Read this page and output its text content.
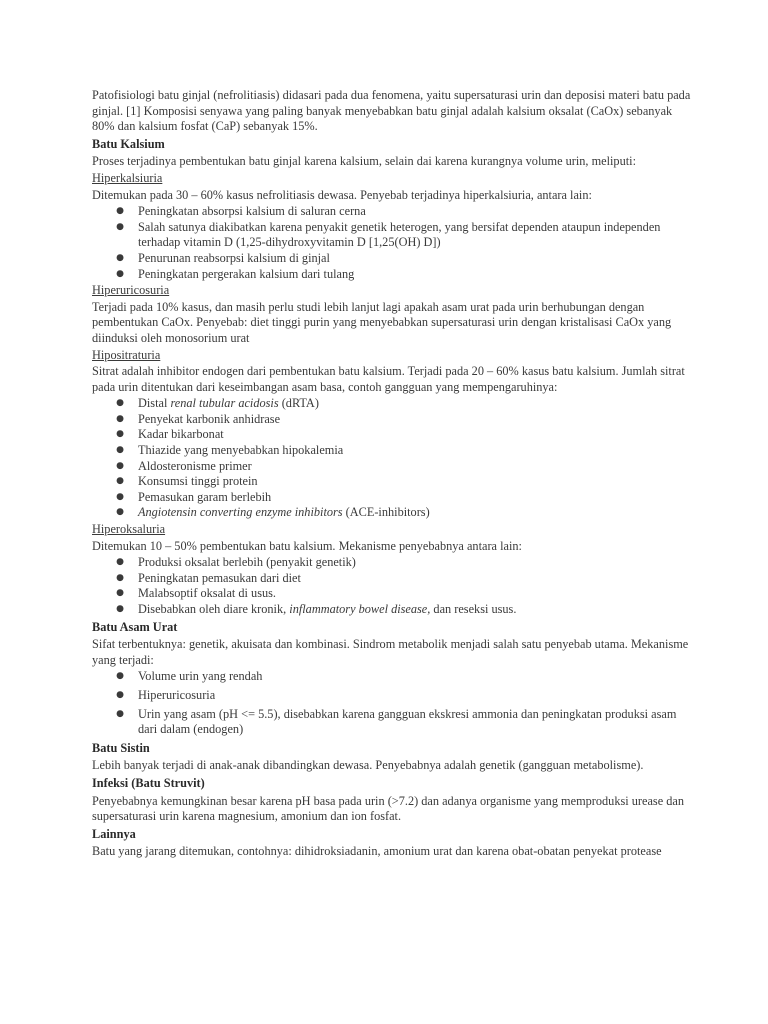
Patofisiologi batu ginjal (nefrolitiasis) didasari pada dua fenomena, yaitu supersaturasi urin dan deposisi materi batu pada ginjal. [1] Komposisi senyawa yang paling banyak menyebabkan batu ginjal adalah kalsium oksalat (CaOx) sebanyak 80% dan kalsium fosfat (CaP) sebanyak 15%.

Batu Kalsium

Proses terjadinya pembentukan batu ginjal karena kalsium, selain dai karena kurangnya volume urin, meliputi:

Hiperkalsiuria

Ditemukan pada 30 – 60% kasus nefrolitiasis dewasa. Penyebab terjadinya hiperkalsiuria, antara lain:

●
Peningkatan absorpsi kalsium di saluran cerna
●
Salah satunya diakibatkan karena penyakit genetik heterogen, yang bersifat dependen ataupun independen terhadap vitamin D (1,25-dihydroxyvitamin D [1,25(OH) D])
●
Penurunan reabsorpsi kalsium di ginjal
●
Peningkatan pergerakan kalsium dari tulang

Hiperuricosuria

Terjadi pada 10% kasus, dan masih perlu studi lebih lanjut lagi apakah asam urat pada urin berhubungan dengan pembentukan CaOx. Penyebab: diet tinggi purin yang menyebabkan supersaturasi urin dengan kristalisasi CaOx yang diinduksi oleh monosorium urat

Hipositraturia

Sitrat adalah inhibitor endogen dari pembentukan batu kalsium. Terjadi pada 20 – 60% kasus batu kalsium. Jumlah sitrat pada urin ditentukan dari keseimbangan asam basa, contoh gangguan yang mempengaruhinya:

●
Distal renal tubular acidosis (dRTA)
●
Penyekat karbonik anhidrase
●
Kadar bikarbonat
●
Thiazide yang menyebabkan hipokalemia
●
Aldosteronisme primer
●
Konsumsi tinggi protein
●
Pemasukan garam berlebih
●
Angiotensin converting enzyme inhibitors (ACE-inhibitors)

Hiperoksaluria

Ditemukan 10 – 50% pembentukan batu kalsium. Mekanisme penyebabnya antara lain:

●
Produksi oksalat berlebih (penyakit genetik)
●
Peningkatan pemasukan dari diet
●
Malabsoptif oksalat di usus.
●
Disebabkan oleh diare kronik, inflammatory bowel disease, dan reseksi usus.

Batu Asam Urat

Sifat terbentuknya: genetik, akuisata dan kombinasi. Sindrom metabolik menjadi salah satu penyebab utama. Mekanisme yang terjadi:

●
Volume urin yang rendah
●
Hiperuricosuria
●
Urin yang asam (pH <= 5.5), disebabkan karena gangguan ekskresi ammonia dan peningkatan produksi asam dari dalam (endogen)

Batu Sistin

Lebih banyak terjadi di anak-anak dibandingkan dewasa. Penyebabnya adalah genetik (gangguan metabolisme).

Infeksi (Batu Struvit)

Penyebabnya kemungkinan besar karena pH basa pada urin (>7.2) dan adanya organisme yang memproduksi urease dan supersaturasi urin karena magnesium, amonium dan ion fosfat.

Lainnya

Batu yang jarang ditemukan, contohnya: dihidroksiadanin, amonium urat dan karena obat-obatan penyekat protease
